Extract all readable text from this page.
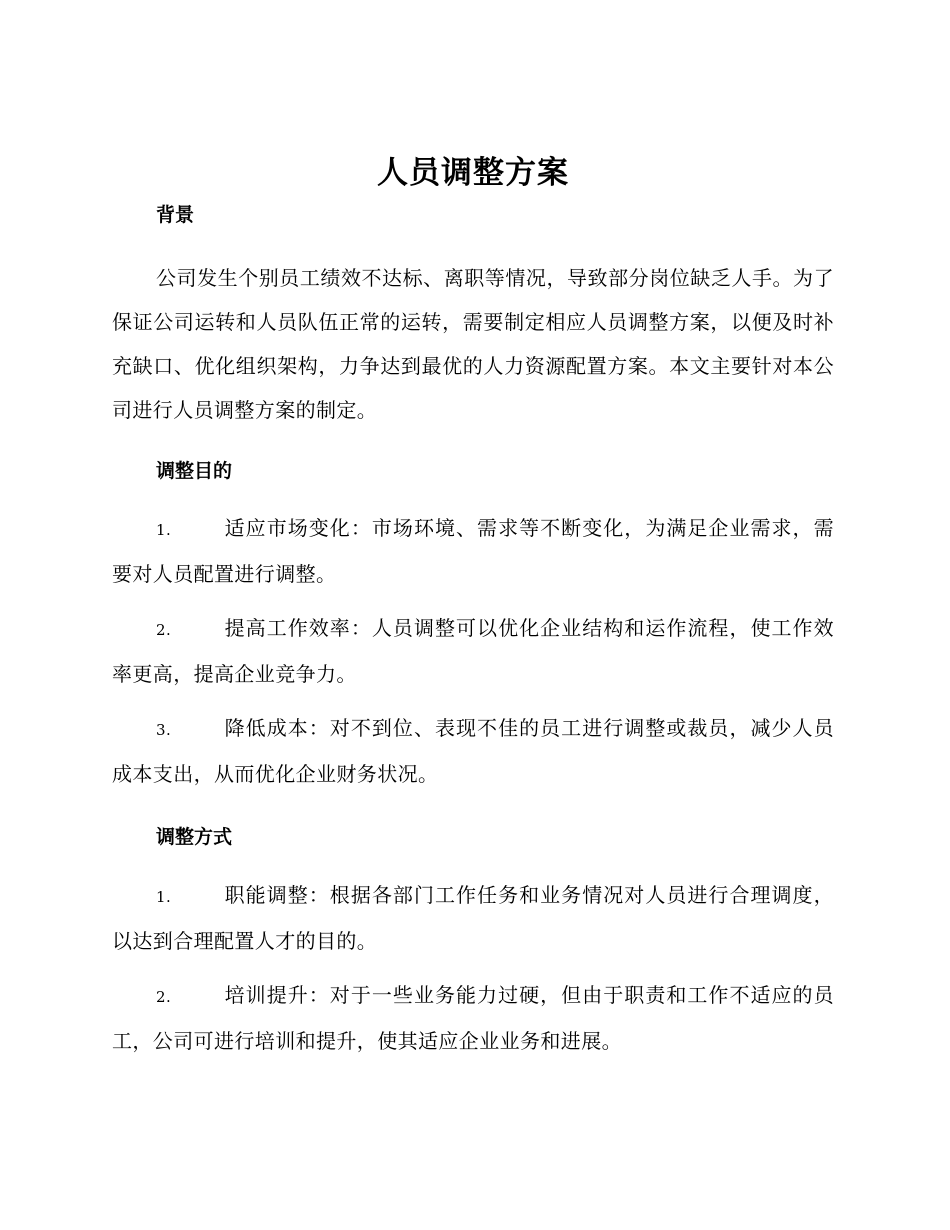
人员调整方案
背景

公司发生个别员工绩效不达标、离职等情况，导致部分岗位缺乏人手。为了保证公司运转和人员队伍正常的运转，需要制定相应人员调整方案，以便及时补充缺口、优化组织架构，力争达到最优的人力资源配置方案。本文主要针对本公司进行人员调整方案的制定。

调整目的

1.	适应市场变化：市场环境、需求等不断变化，为满足企业需求，需要对人员配置进行调整。

2.	提高工作效率：人员调整可以优化企业结构和运作流程，使工作效率更高，提高企业竞争力。

3.	降低成本：对不到位、表现不佳的员工进行调整或裁员，减少人员成本支出，从而优化企业财务状况。

调整方式

1.	职能调整：根据各部门工作任务和业务情况对人员进行合理调度，以达到合理配置人才的目的。

2.	培训提升：对于一些业务能力过硬，但由于职责和工作不适应的员工，公司可进行培训和提升，使其适应企业业务和进展。
